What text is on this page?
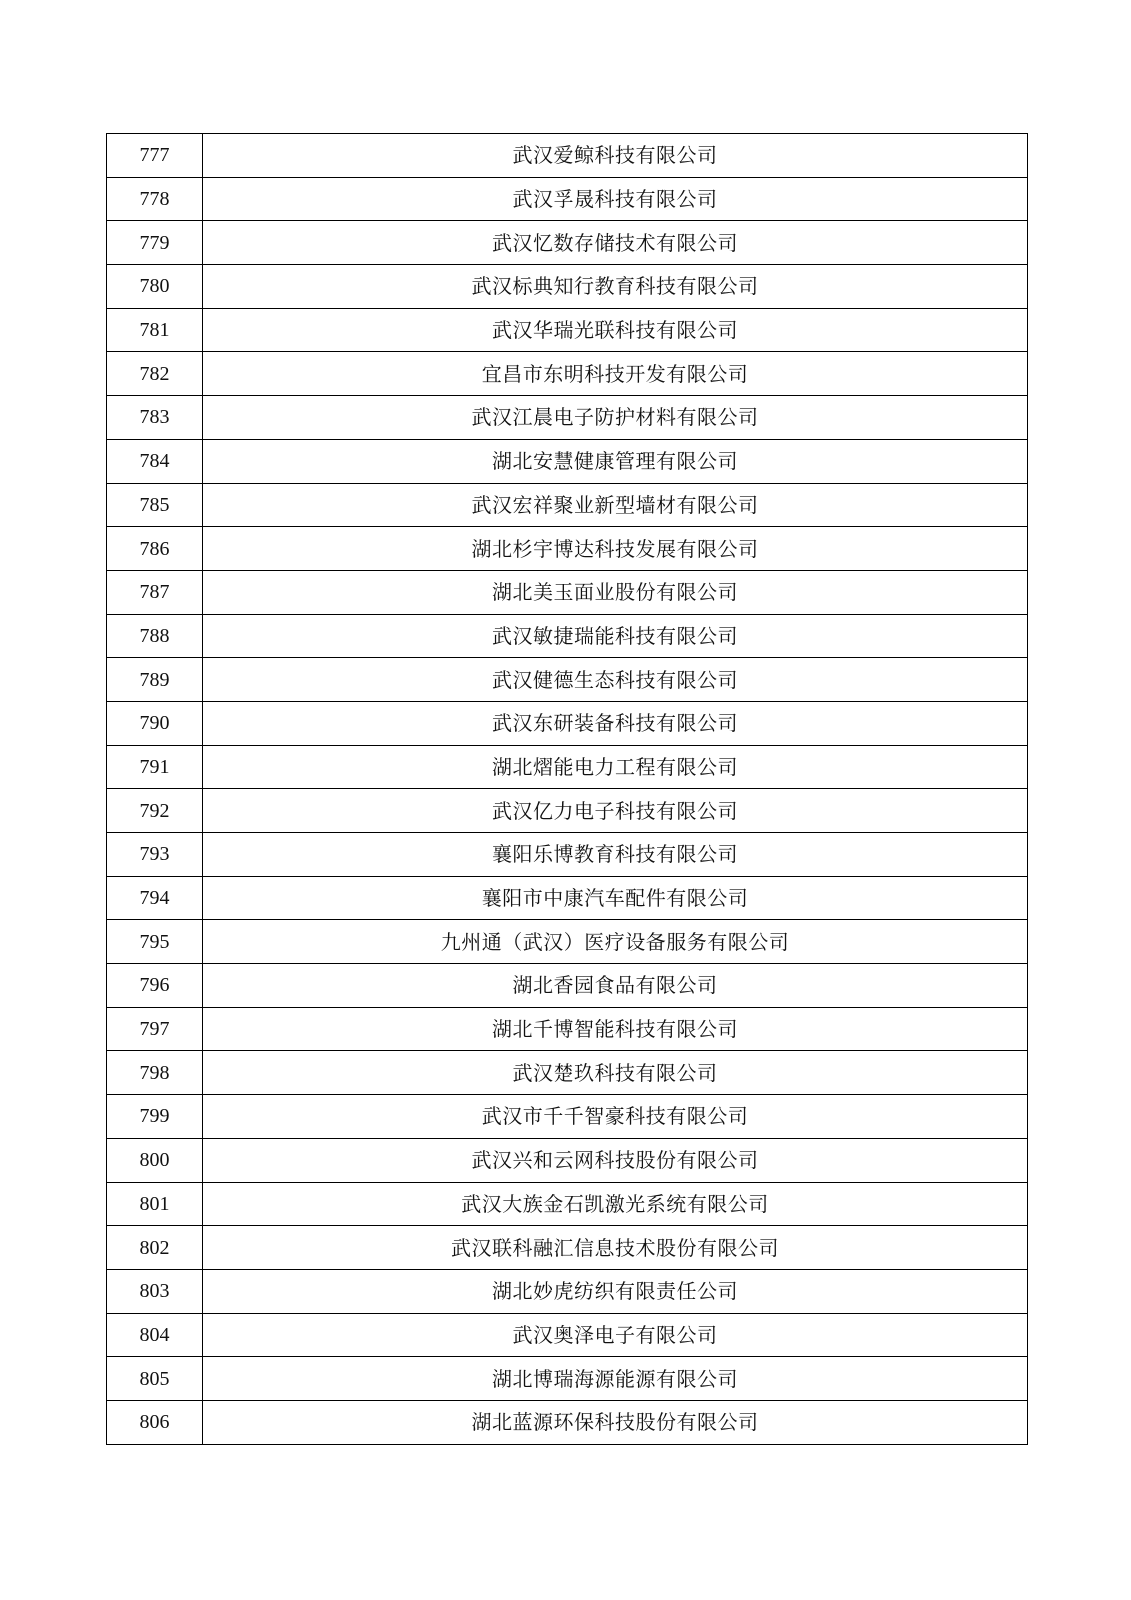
777	武汉爱鲸科技有限公司
778	武汉孚晟科技有限公司
779	武汉忆数存储技术有限公司
780	武汉标典知行教育科技有限公司
781	武汉华瑞光联科技有限公司
782	宜昌市东明科技开发有限公司
783	武汉江晨电子防护材料有限公司
784	湖北安慧健康管理有限公司
785	武汉宏祥聚业新型墙材有限公司
786	湖北杉宇博达科技发展有限公司
787	湖北美玉面业股份有限公司
788	武汉敏捷瑞能科技有限公司
789	武汉健德生态科技有限公司
790	武汉东研装备科技有限公司
791	湖北熠能电力工程有限公司
792	武汉亿力电子科技有限公司
793	襄阳乐博教育科技有限公司
794	襄阳市中康汽车配件有限公司
795	九州通（武汉）医疗设备服务有限公司
796	湖北香园食品有限公司
797	湖北千博智能科技有限公司
798	武汉楚玖科技有限公司
799	武汉市千千智豪科技有限公司
800	武汉兴和云网科技股份有限公司
801	武汉大族金石凯激光系统有限公司
802	武汉联科融汇信息技术股份有限公司
803	湖北妙虎纺织有限责任公司
804	武汉奥泽电子有限公司
805	湖北博瑞海源能源有限公司
806	湖北蓝源环保科技股份有限公司
